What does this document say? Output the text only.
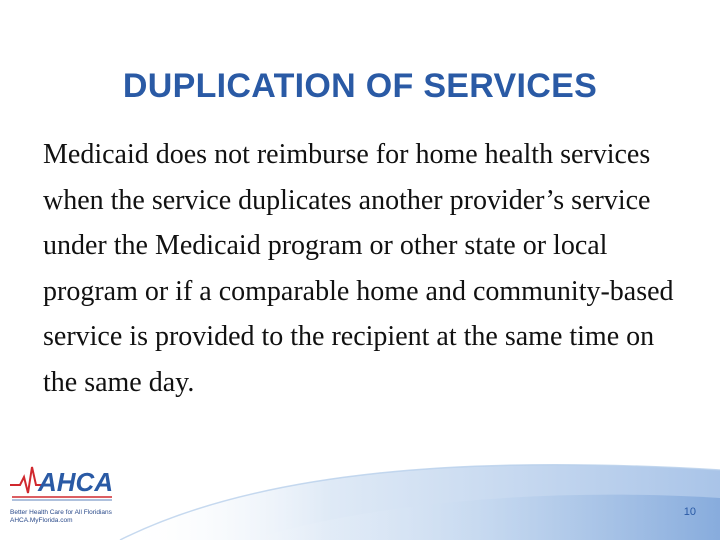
DUPLICATION OF SERVICES

Medicaid does not reimburse for home health services when the service duplicates another provider’s service under the Medicaid program or other state or local program or if a comparable home and community-based service is provided to the recipient at the same time on the same day.

AHCA
Better Health Care for All Floridians
AHCA.MyFlorida.com
10
